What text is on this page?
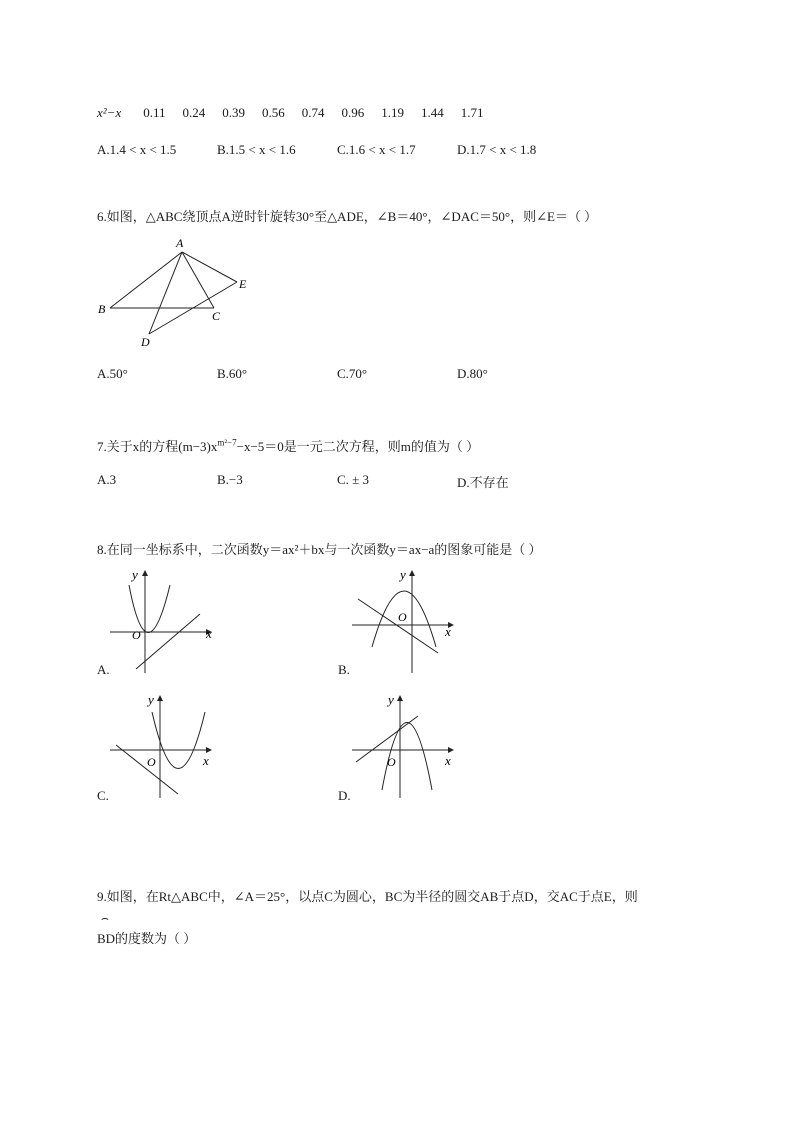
x²−x 0.11 0.24 0.39 0.56 0.74 0.96 1.19 1.44 1.71
A.1.4 < x < 1.5	B.1.5 < x < 1.6	C.1.6 < x < 1.7	D.1.7 < x < 1.8
6.如图，△ABC绕顶点A逆时针旋转30°至△ADE，∠B＝40°，∠DAC＝50°，则∠E＝（ ）
A
B	C
D
E
A.50°	B.60°	C.70°	D.80°
7.关于x的方程$(m-3)x^{m^2-7}-x-5=0$是一元二次方程，则m的值为（ ）
A.3	B.−3	C. ± 3	D.不存在
8.在同一坐标系中，二次函数y＝ax²＋bx与一次函数y＝ax−a的图象可能是（ ）
y
x
O
A.
y
x
O
B.
y
x
O
C.
y
x
O
D.
9.如图，在Rt△ABC中，∠A＝25°，以点C为圆心，BC为半径的圆交AB于点D，交AC于点E，则
⌢
BD的度数为（ ）
